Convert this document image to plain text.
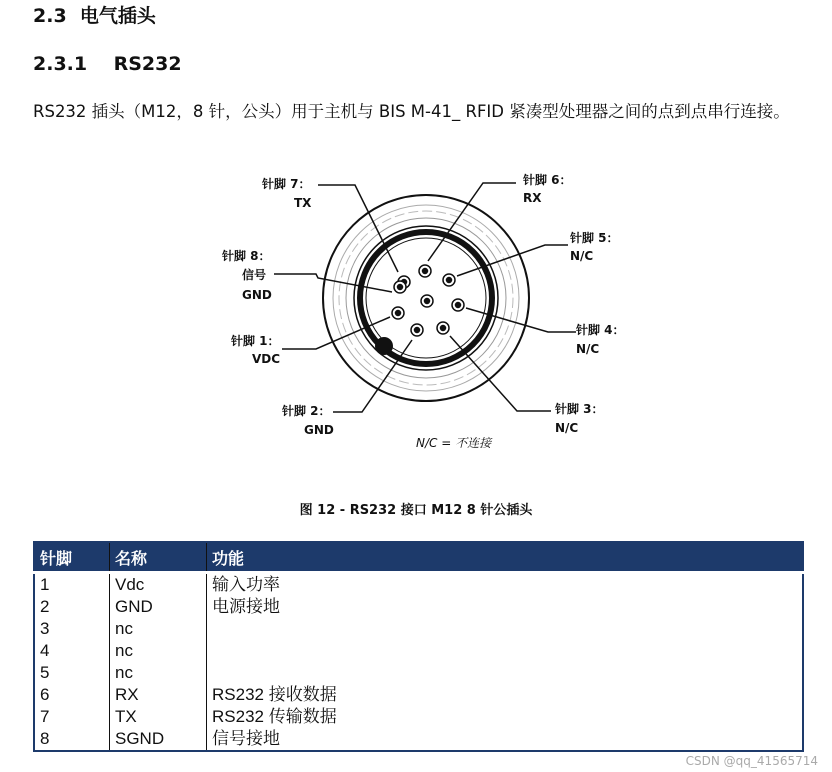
2.3 电气插头
2.3.1 RS232

RS232 插头（M12，8 针，公头）用于主机与 BIS M-41_ RFID 紧凑型处理器之间的点到点串行连接。

针脚 7：
TX
针脚 6：
RX
针脚 5：
N/C
针脚 8：
信号
GND
针脚 4：
N/C
针脚 1：
VDC
针脚 3：
N/C
针脚 2：
GND
N/C = 不连接
图 12 - RS232 接口 M12 8 针公插头
针脚	名称	功能
1	Vdc	输入功率
2	GND	电源接地
3	nc	
4	nc	
5	nc	
6	RX	RS232 接收数据
7	TX	RS232 传输数据
8	SGND	信号接地
CSDN @qq_41565714
